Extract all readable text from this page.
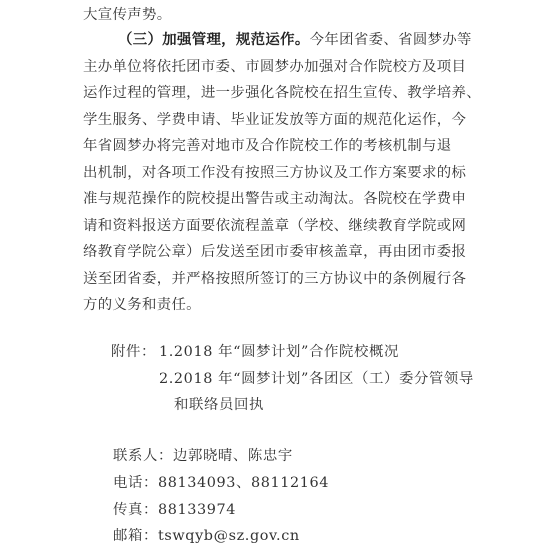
大宣传声势。
（三）加强管理，规范运作。今年团省委、省圆梦办等
主办单位将依托团市委、市圆梦办加强对合作院校方及项目
运作过程的管理，进一步强化各院校在招生宣传、教学培养、
学生服务、学费申请、毕业证发放等方面的规范化运作，今
年省圆梦办将完善对地市及合作院校工作的考核机制与退
出机制，对各项工作没有按照三方协议及工作方案要求的标
准与规范操作的院校提出警告或主动淘汰。各院校在学费申
请和资料报送方面要依流程盖章（学校、继续教育学院或网
络教育学院公章）后发送至团市委审核盖章，再由团市委报
送至团省委，并严格按照所签订的三方协议中的条例履行各
方的义务和责任。
附件： 1.2018 年“圆梦计划”合作院校概况
2.2018 年“圆梦计划”各团区（工）委分管领导
和联络员回执
联系人：边郭晓晴、陈忠宇
电话：88134093、88112164
传真：88133974
邮箱：tswqyb@sz.gov.cn
